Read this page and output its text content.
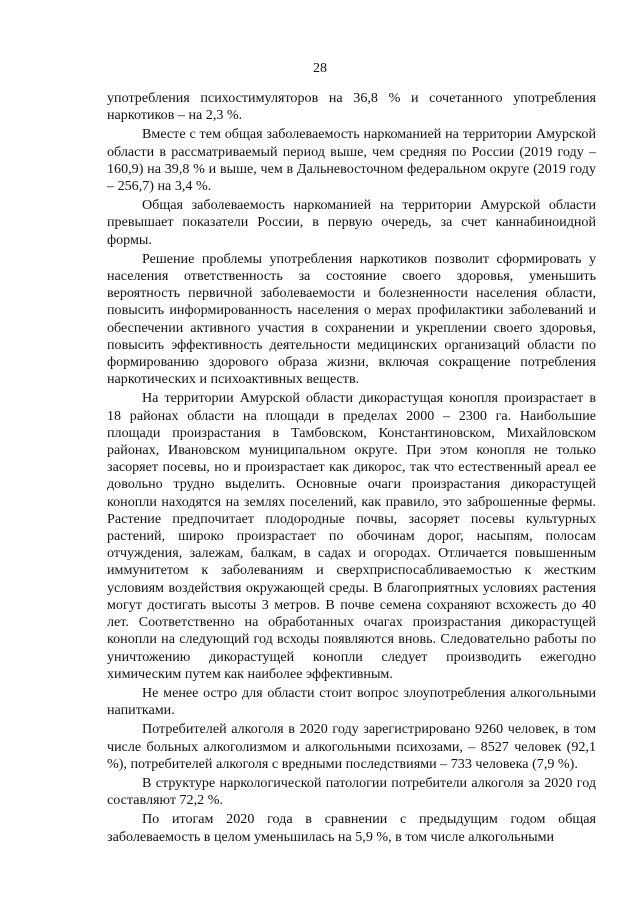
28

употребления психостимуляторов на 36,8 % и сочетанного употребления наркотиков – на 2,3 %.

Вместе с тем общая заболеваемость наркоманией на территории Амурской области в рассматриваемый период выше, чем средняя по России (2019 году – 160,9) на 39,8 % и выше, чем в Дальневосточном федеральном округе (2019 году – 256,7) на 3,4 %.

Общая заболеваемость наркоманией на территории Амурской области превышает показатели России, в первую очередь, за счет каннабиноидной формы.

Решение проблемы употребления наркотиков позволит сформировать у населения ответственность за состояние своего здоровья, уменьшить вероятность первичной заболеваемости и болезненности населения области, повысить информированность населения о мерах профилактики заболеваний и обеспечении активного участия в сохранении и укреплении своего здоровья, повысить эффективность деятельности медицинских организаций области по формированию здорового образа жизни, включая сокращение потребления наркотических и психоактивных веществ.

На территории Амурской области дикорастущая конопля произрастает в 18 районах области на площади в пределах 2000 – 2300 га. Наибольшие площади произрастания в Тамбовском, Константиновском, Михайловском районах, Ивановском муниципальном округе. При этом конопля не только засоряет посевы, но и произрастает как дикорос, так что естественный ареал ее довольно трудно выделить. Основные очаги произрастания дикорастущей конопли находятся на землях поселений, как правило, это заброшенные фермы. Растение предпочитает плодородные почвы, засоряет посевы культурных растений, широко произрастает по обочинам дорог, насыпям, полосам отчуждения, залежам, балкам, в садах и огородах. Отличается повышенным иммунитетом к заболеваниям и сверхприспосабливаемостью к жестким условиям воздействия окружающей среды. В благоприятных условиях растения могут достигать высоты 3 метров. В почве семена сохраняют всхожесть до 40 лет. Соответственно на обработанных очагах произрастания дикорастущей конопли на следующий год всходы появляются вновь. Следовательно работы по уничтожению дикорастущей конопли следует производить ежегодно химическим путем как наиболее эффективным.

Не менее остро для области стоит вопрос злоупотребления алкогольными напитками.

Потребителей алкоголя в 2020 году зарегистрировано 9260 человек, в том числе больных алкоголизмом и алкогольными психозами, – 8527 человек (92,1 %), потребителей алкоголя с вредными последствиями – 733 человека (7,9 %).

В структуре наркологической патологии потребители алкоголя за 2020 год составляют 72,2 %.

По итогам 2020 года в сравнении с предыдущим годом общая заболеваемость в целом уменьшилась на 5,9 %, в том числе алкогольными
